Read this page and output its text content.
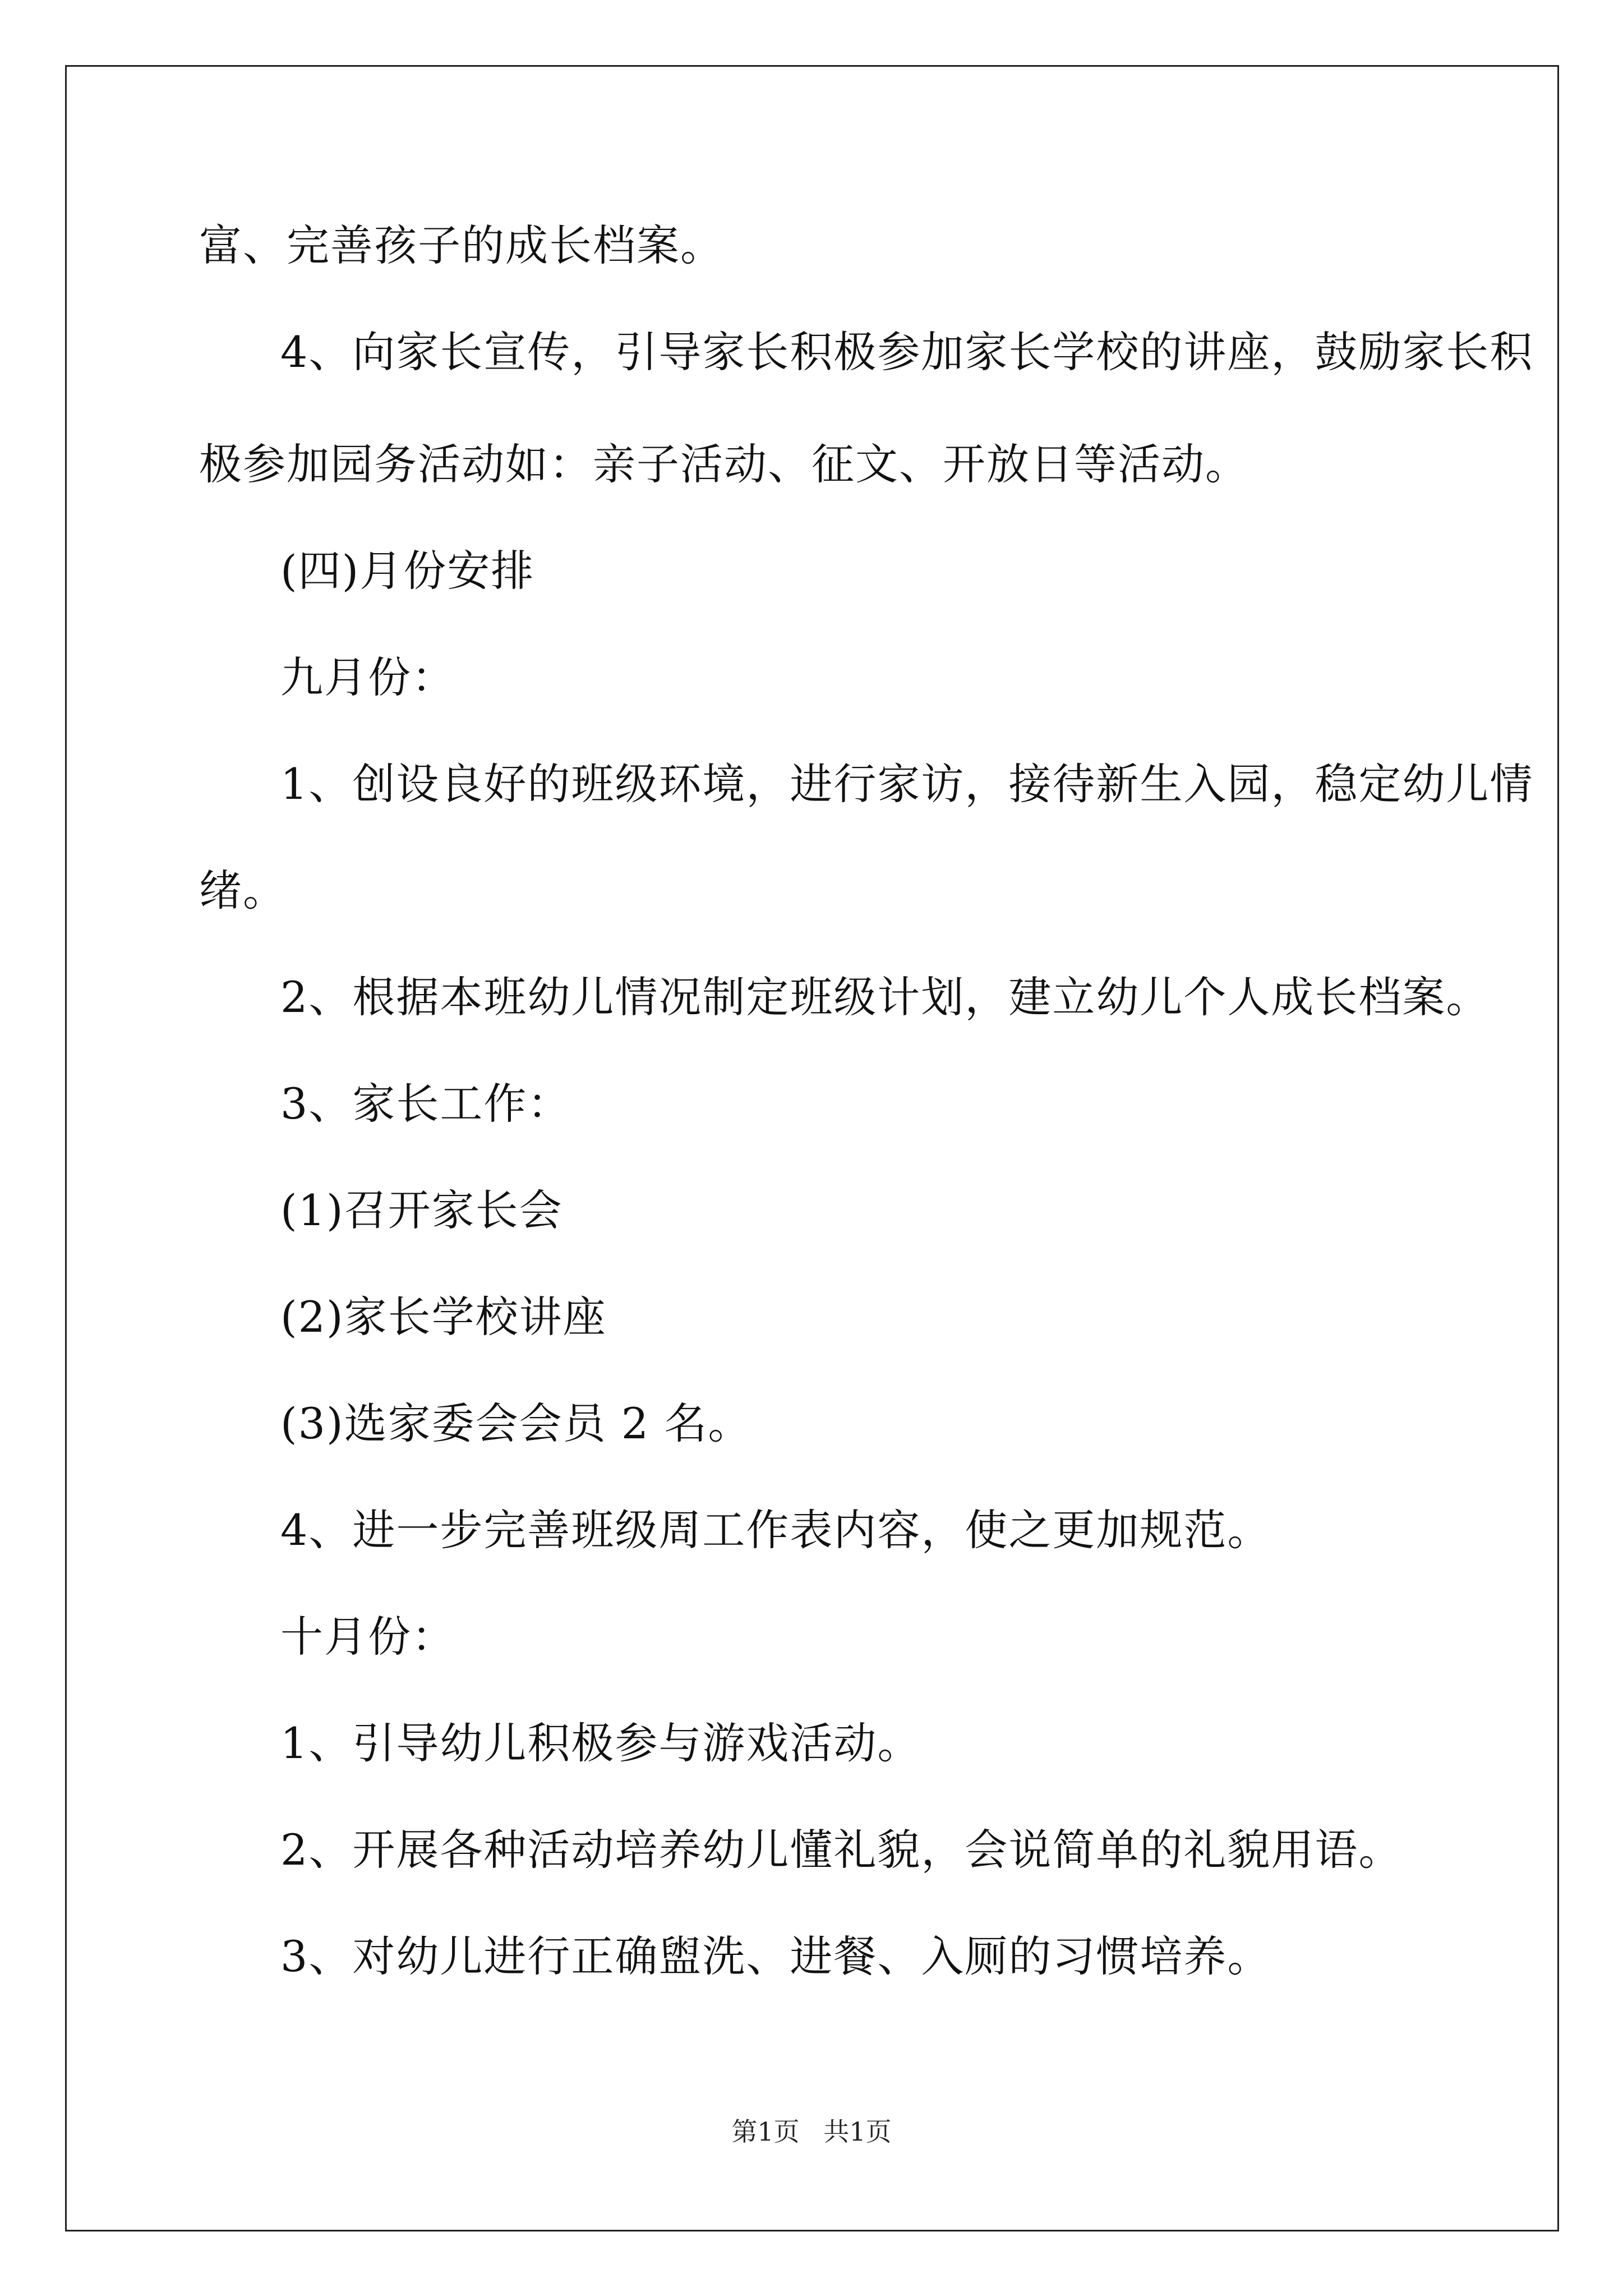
富、完善孩子的成长档案。
4、向家长宣传，引导家长积极参加家长学校的讲座，鼓励家长积
极参加园务活动如：亲子活动、征文、开放日等活动。
(四)月份安排
九月份：
1、创设良好的班级环境，进行家访，接待新生入园，稳定幼儿情
绪。
2、根据本班幼儿情况制定班级计划，建立幼儿个人成长档案。
3、家长工作：
(1)召开家长会
(2)家长学校讲座
(3)选家委会会员 2 名。
4、进一步完善班级周工作表内容，使之更加规范。
十月份：
1、引导幼儿积极参与游戏活动。
2、开展各种活动培养幼儿懂礼貌，会说简单的礼貌用语。
3、对幼儿进行正确盥洗、进餐、入厕的习惯培养。
第1页 共1页
